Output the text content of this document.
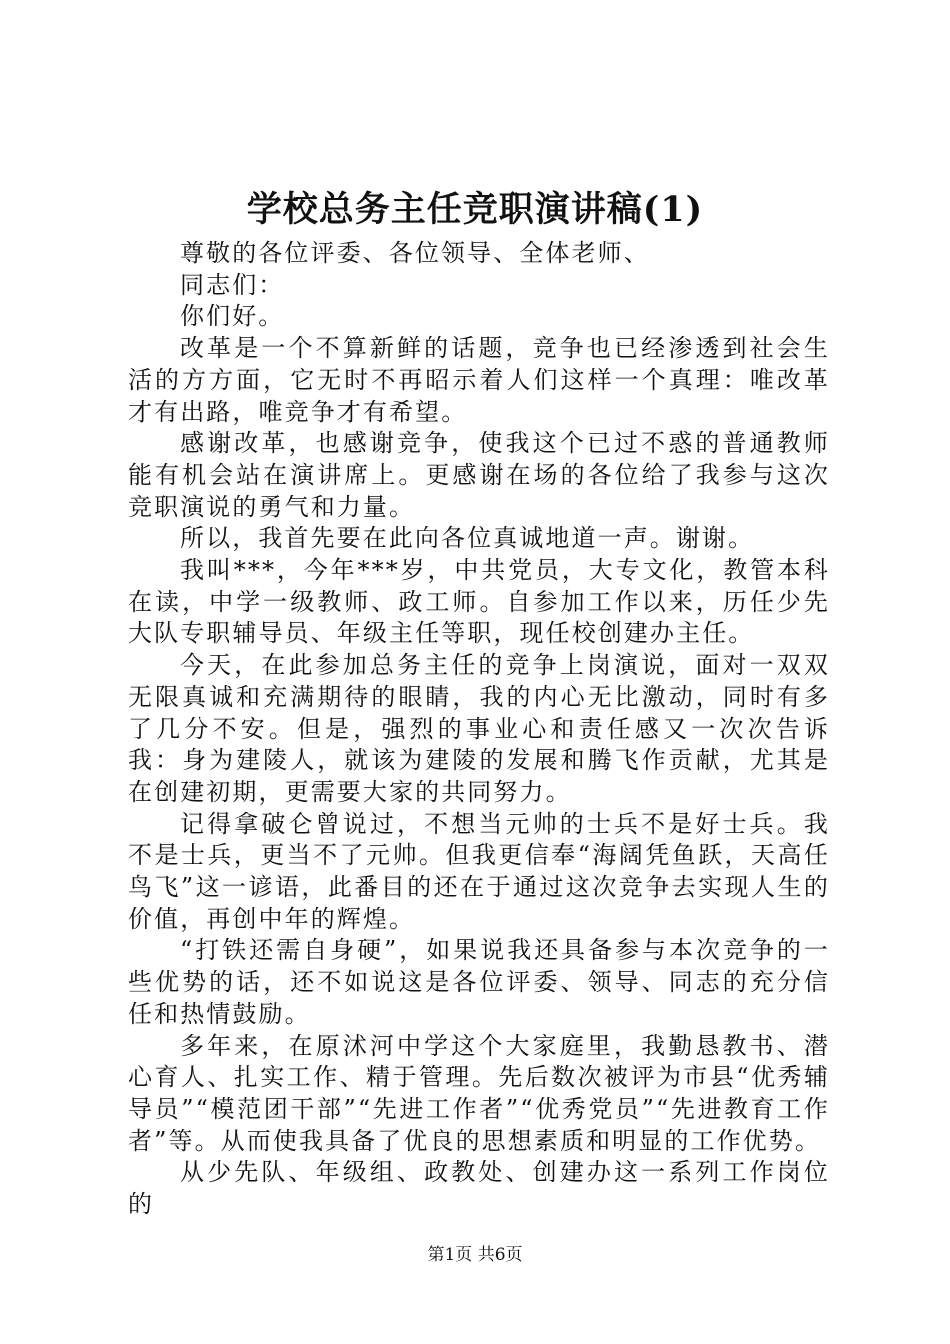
学校总务主任竞职演讲稿(1)

尊敬的各位评委、各位领导、全体老师、

同志们：

你们好。

改革是一个不算新鲜的话题，竞争也已经渗透到社会生活的方方面，它无时不再昭示着人们这样一个真理：唯改革才有出路，唯竞争才有希望。

感谢改革，也感谢竞争，使我这个已过不惑的普通教师能有机会站在演讲席上。更感谢在场的各位给了我参与这次竞职演说的勇气和力量。

所以，我首先要在此向各位真诚地道一声。谢谢。

我叫***，今年***岁，中共党员，大专文化，教管本科在读，中学一级教师、政工师。自参加工作以来，历任少先大队专职辅导员、年级主任等职，现任校创建办主任。

今天，在此参加总务主任的竞争上岗演说，面对一双双无限真诚和充满期待的眼睛，我的内心无比激动，同时有多了几分不安。但是，强烈的事业心和责任感又一次次告诉我：身为建陵人，就该为建陵的发展和腾飞作贡献，尤其是在创建初期，更需要大家的共同努力。

记得拿破仑曾说过，不想当元帅的士兵不是好士兵。我不是士兵，更当不了元帅。但我更信奉“海阔凭鱼跃，天高任鸟飞”这一谚语，此番目的还在于通过这次竞争去实现人生的价值，再创中年的辉煌。

“打铁还需自身硬”，如果说我还具备参与本次竞争的一些优势的话，还不如说这是各位评委、领导、同志的充分信任和热情鼓励。

多年来，在原沭河中学这个大家庭里，我勤恳教书、潜心育人、扎实工作、精于管理。先后数次被评为市县“优秀辅导员”“模范团干部”“先进工作者”“优秀党员”“先进教育工作者”等。从而使我具备了优良的思想素质和明显的工作优势。

从少先队、年级组、政教处、创建办这一系列工作岗位的

第1页 共6页
